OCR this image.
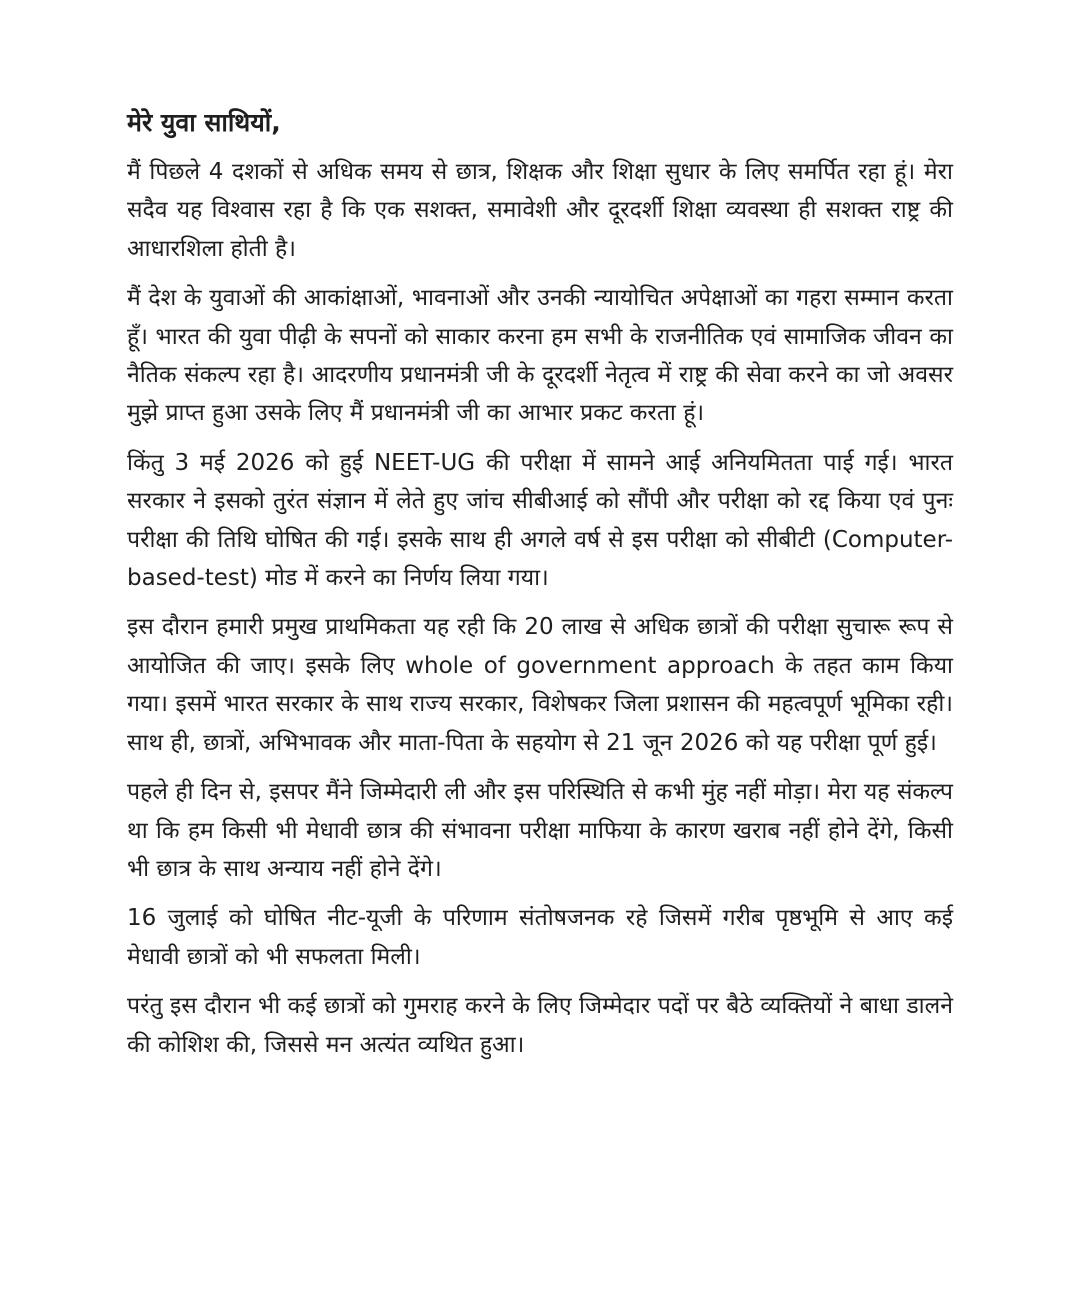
मेरे युवा साथियों,

मैं पिछले 4 दशकों से अधिक समय से छात्र, शिक्षक और शिक्षा सुधार के लिए समर्पित रहा हूं। मेरा सदैव यह विश्वास रहा है कि एक सशक्त, समावेशी और दूरदर्शी शिक्षा व्यवस्था ही सशक्त राष्ट्र की आधारशिला होती है।

मैं देश के युवाओं की आकांक्षाओं, भावनाओं और उनकी न्यायोचित अपेक्षाओं का गहरा सम्मान करता हूँ। भारत की युवा पीढ़ी के सपनों को साकार करना हम सभी के राजनीतिक एवं सामाजिक जीवन का नैतिक संकल्प रहा है। आदरणीय प्रधानमंत्री जी के दूरदर्शी नेतृत्व में राष्ट्र की सेवा करने का जो अवसर मुझे प्राप्त हुआ उसके लिए मैं प्रधानमंत्री जी का आभार प्रकट करता हूं।

किंतु 3 मई 2026 को हुई NEET-UG की परीक्षा में सामने आई अनियमितता पाई गई। भारत सरकार ने इसको तुरंत संज्ञान में लेते हुए जांच सीबीआई को सौंपी और परीक्षा को रद्द किया एवं पुनः परीक्षा की तिथि घोषित की गई। इसके साथ ही अगले वर्ष से इस परीक्षा को सीबीटी (Computer-based-test) मोड में करने का निर्णय लिया गया।

इस दौरान हमारी प्रमुख प्राथमिकता यह रही कि 20 लाख से अधिक छात्रों की परीक्षा सुचारू रूप से आयोजित की जाए। इसके लिए whole of government approach के तहत काम किया गया। इसमें भारत सरकार के साथ राज्य सरकार, विशेषकर जिला प्रशासन की महत्वपूर्ण भूमिका रही। साथ ही, छात्रों, अभिभावक और माता-पिता के सहयोग से 21 जून 2026 को यह परीक्षा पूर्ण हुई।

पहले ही दिन से, इसपर मैंने जिम्मेदारी ली और इस परिस्थिति से कभी मुंह नहीं मोड़ा। मेरा यह संकल्प था कि हम किसी भी मेधावी छात्र की संभावना परीक्षा माफिया के कारण खराब नहीं होने देंगे, किसी भी छात्र के साथ अन्याय नहीं होने देंगे।

16 जुलाई को घोषित नीट-यूजी के परिणाम संतोषजनक रहे जिसमें गरीब पृष्ठभूमि से आए कई मेधावी छात्रों को भी सफलता मिली।

परंतु इस दौरान भी कई छात्रों को गुमराह करने के लिए जिम्मेदार पदों पर बैठे व्यक्तियों ने बाधा डालने की कोशिश की, जिससे मन अत्यंत व्यथित हुआ।
